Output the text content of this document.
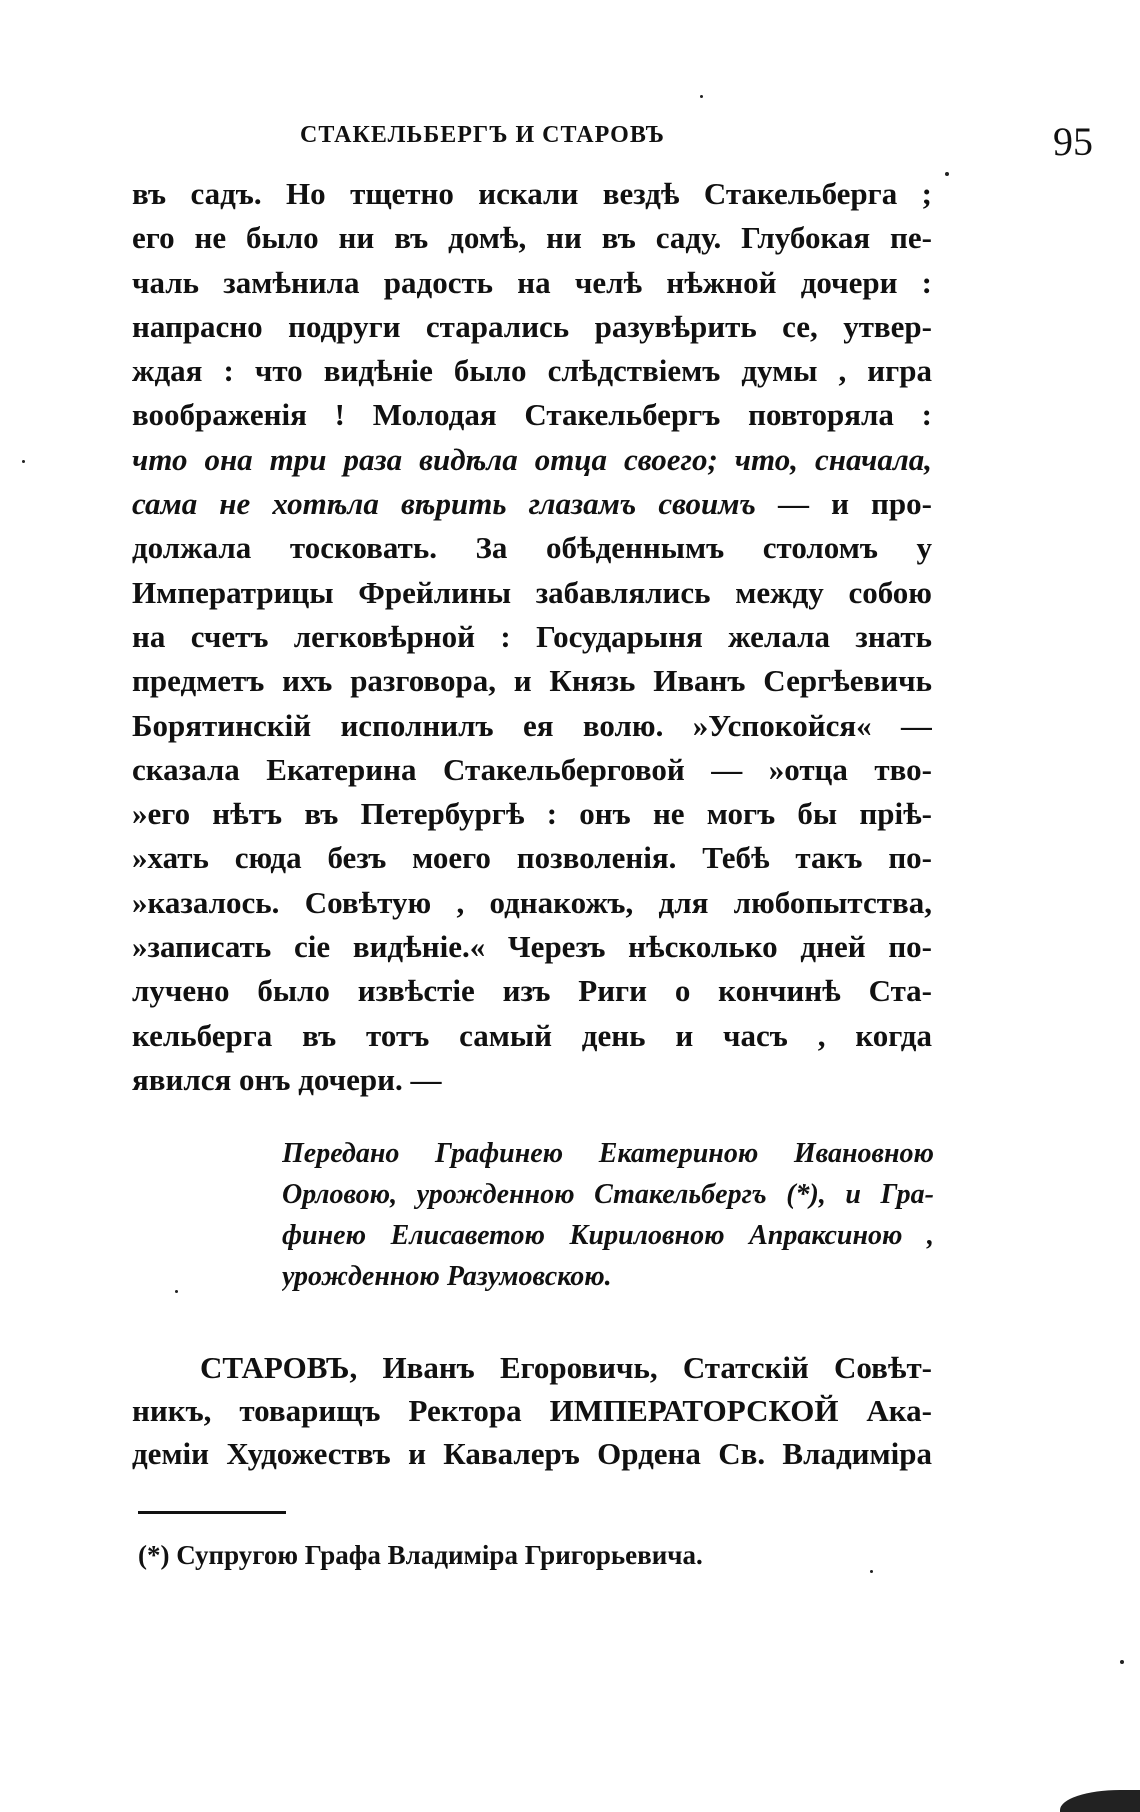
СТАКЕЛЬБЕРГЪ И СТАРОВЪ	95
въ садъ. Но тщетно искали вездѣ Стакельберга ;
его не было ни въ домѣ, ни въ саду. Глубокая пе-
чаль замѣнила радость на челѣ нѣжной дочери :
напрасно подруги старались разувѣрить се, утвер-
ждая : что видѣніе было слѣдствіемъ думы , игра
воображенія ! Молодая Стакельбергъ повторяла :
что она три раза видѣла отца своего; что, сначала,
сама не хотѣла вѣрить глазамъ своимъ — и про-
должала тосковать. За обѣденнымъ столомъ у
Императрицы Фрейлины забавлялись между собою
на счетъ легковѣрной : Государыня желала знать
предметъ ихъ разговора, и Князь Иванъ Сергѣевичь
Борятинскій исполнилъ ея волю. »Успокойся« —
сказала Екатерина Стакельберговой — »отца тво-
»его нѣтъ въ Петербургѣ : онъ не могъ бы пріѣ-
»хать сюда безъ моего позволенія. Тебѣ такъ по-
»казалось. Совѣтую , однакожъ, для любопытства,
»записать сіе видѣніе.« Черезъ нѣсколько дней по-
лучено было извѣстіе изъ Риги о кончинѣ Ста-
кельберга въ тотъ самый день и часъ , когда
явился онъ дочери. —
Передано Графинею Екатериною Ивановною
Орловою, урожденною Стакельбергъ (*), и Гра-
финею Елисаветою Кириловною Апраксиною ,
урожденною Разумовскою.
СТАРОВЪ, Иванъ Егоровичь, Статскій Совѣт-
никъ, товарищъ Ректора ИМПЕРАТОРСКОЙ Ака-
деміи Художествъ и Кавалеръ Ордена Св. Владиміра
(*) Супругою Графа Владиміра Григорьевича.
